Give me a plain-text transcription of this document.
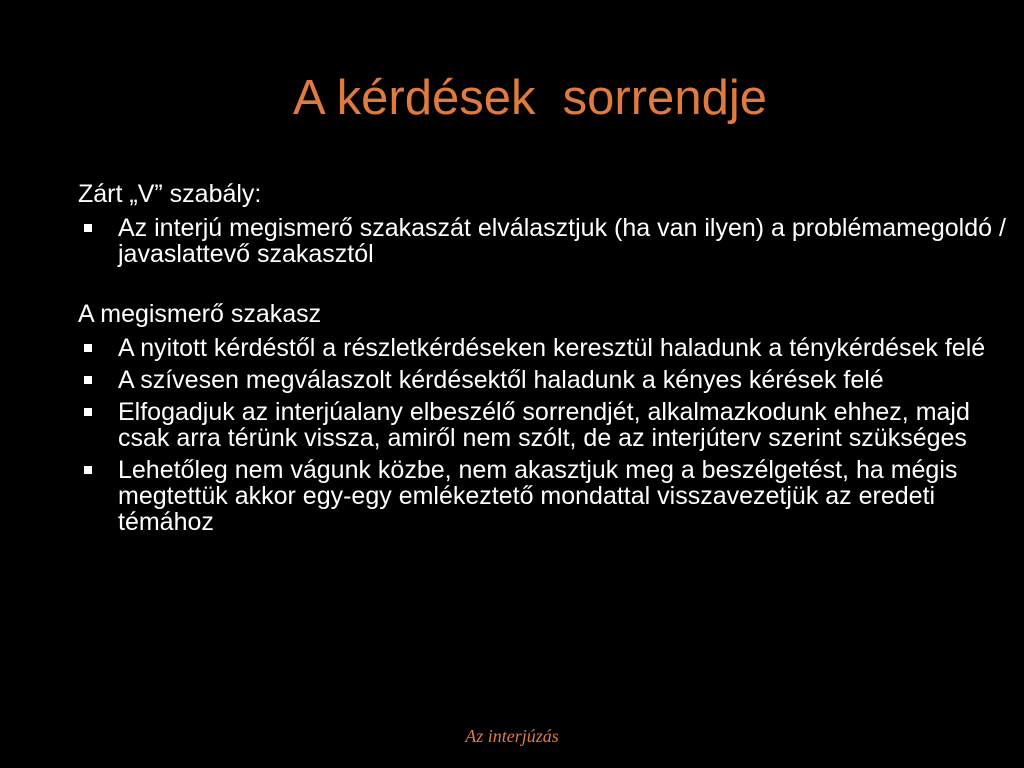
A kérdések  sorrendje
Zárt „V” szabály:
Az interjú megismerő szakaszát elválasztjuk (ha van ilyen) a problémamegoldó / javaslattevő szakasztól
A megismerő szakasz
A nyitott kérdéstől a részletkérdéseken keresztül haladunk a ténykérdések felé
A szívesen megválaszolt kérdésektől haladunk a kényes kérések felé
Elfogadjuk az interjúalany elbeszélő sorrendjét, alkalmazkodunk ehhez, majd csak arra térünk vissza, amiről nem szólt, de az interjúterv szerint szükséges
Lehetőleg nem vágunk közbe, nem akasztjuk meg a beszélgetést, ha mégis megtettük akkor egy-egy emlékeztető mondattal visszavezetjük az eredeti témához
Az interjúzás
